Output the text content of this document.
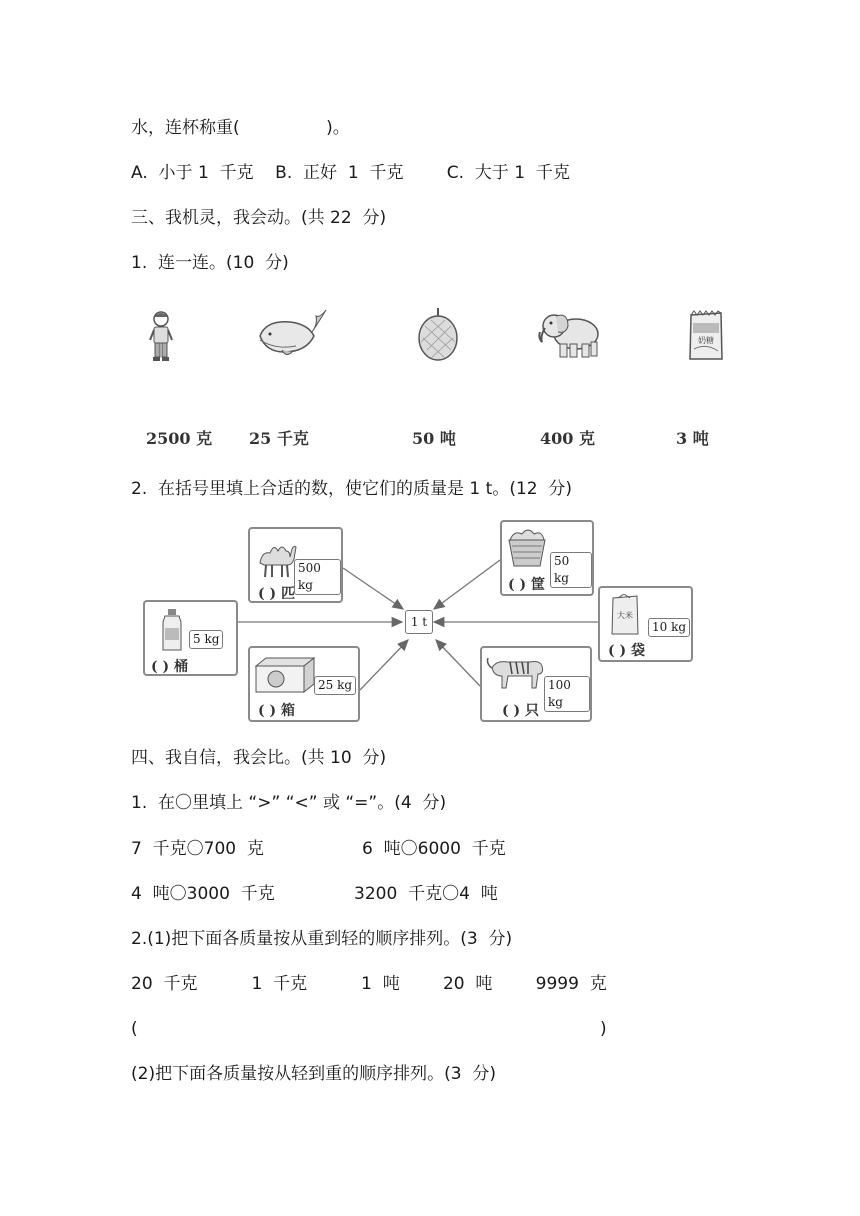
水，连杯称重(                )。
A.  小于 1  千克    B.  正好  1  千克        C.  大于 1  千克
三、我机灵，我会动。(共 22  分)
1.  连一连。(10  分)
奶糖
2500 克 25 千克	50 吨	400 克	3 吨
2.  在括号里填上合适的数，使它们的质量是 1 t。(12  分)
1 t
500 kg
( ) 匹
5 kg
( ) 桶
25 kg
( ) 箱
50 kg
( ) 筐
大米
10 kg
( ) 袋
100 kg
( ) 只
四、我自信，我会比。(共 10  分)
1.  在〇里填上 “>” “<” 或 “=”。(4  分)
7  千克〇700  克	6  吨〇6000  千克
4  吨〇3000  千克	3200  千克〇4  吨
2.(1)把下面各质量按从重到轻的顺序排列。(3  分)
20  千克          1  千克          1  吨        20  吨        9999  克
(	)
(2)把下面各质量按从轻到重的顺序排列。(3  分)
